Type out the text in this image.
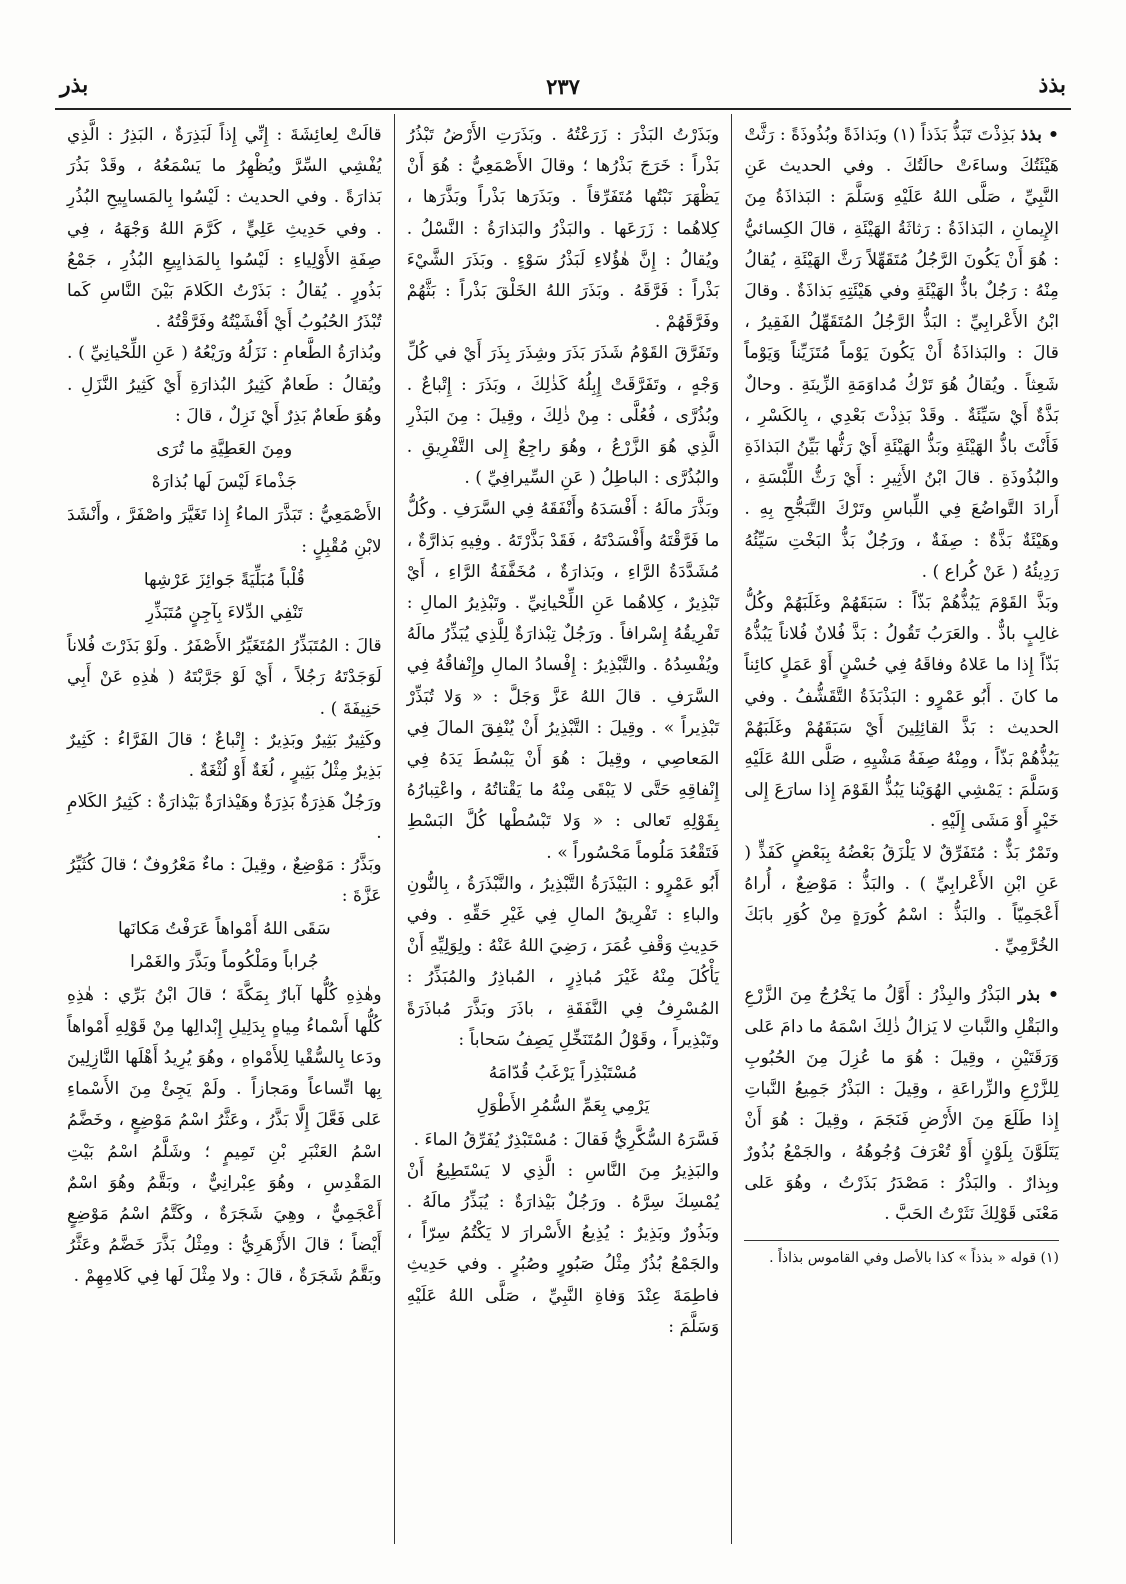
بذذ
٢٣٧
بذر

• بذذ بَذِذْتَ تَبَذُّ بَذَذاً (١) وبَذاذَةً وبُذُوذَةً : رَثَّتْ هَيْئَتُكَ وساءَتْ حالَتُكَ . وفي الحديث عَنِ النَّبِيِّ ، صَلَّى اللهُ عَلَيْهِ وَسَلَّمَ : البَذاذَةُ مِنَ الإِيمانِ ، البَذاذَةُ : رَثاثَةُ الهَيْئَةِ ، قالَ الكِسائيُّ : هُوَ أَنْ يَكُونَ الرَّجُلُ مُتَقَهِّلاً رَثَّ الهَيْئَةِ ، يُقالُ مِنْهُ : رَجُلٌ باذُّ الهَيْئَةِ وفي هَيْئَتِهِ بَذاذَةٌ . وقالَ ابْنُ الأَعْرابِيِّ : البَذُّ الرَّجُلُ المُتَقَهِّلُ الفَقِيرُ ، قالَ : والبَذاذَةُ أَنْ يَكُونَ يَوْماً مُتَزَيِّناً وَيَوْماً شَعِثاً . ويُقالُ هُوَ تَرْكُ مُداوَمَةِ الزِّينَةِ . وحالٌ بَذَّةٌ أَيْ سَيِّئَةٌ . وقَدْ بَذِذْتَ بَعْدِي ، بِالكَسْرِ ، فَأَنْتَ باذُّ الهَيْئَةِ وبَذُّ الهَيْئَةِ أَيْ رَثُّها بَيِّنُ البَذاذَةِ والبُذُوذَةِ . قالَ ابْنُ الأَثِيرِ : أَيْ رَثُّ اللِّبْسَةِ ، أَرادَ التَّواضُعَ فِي اللِّباسِ وتَرْكَ التَّبَجُّحِ بِهِ . وهَيْئَةٌ بَذَّةٌ : صِفَةٌ ، ورَجُلٌ بَذُّ البَخْتِ سَيِّئُهُ رَدِيئُهُ ( عَنْ كُراع ) .

وبَذَّ القَوْمَ يَبُذُّهُمْ بَذّاً : سَبَقَهُمْ وغَلَبَهُمْ وكُلُّ غالِبٍ باذٌّ . والعَرَبُ تَقُولُ : بَذَّ فُلانٌ فُلاناً يَبُذُّهُ بَذّاً إِذا ما عَلاهُ وفاقَهُ فِي حُسْنٍ أَوْ عَمَلٍ كائِناً ما كانَ . أَبُو عَمْرٍو : البَذْبَذَةُ التَّقَشُّفُ . وفي الحديث : بَذَّ القائِلِينَ أَيْ سَبَقَهُمْ وغَلَبَهُمْ يَبُذُّهُمْ بَذّاً ، ومِنْهُ صِفَةُ مَشْيِهِ ، صَلَّى اللهُ عَلَيْهِ وَسَلَّمَ : يَمْشِي الهُوَيْنا يَبُذُّ القَوْمَ إِذا سارَعَ إِلى خَيْرٍ أَوْ مَشَى إِلَيْهِ .

وتَمْرٌ بَذٌّ : مُتَفَرِّقٌ لا يَلْزَقُ بَعْضُهُ بِبَعْضٍ كَفَذٍّ ( عَنِ ابْنِ الأَعْرابِيِّ ) . والبَذُّ : مَوْضِعٌ ، أُراهُ أَعْجَمِيّاً . والبَذُّ : اسْمُ كُورَةٍ مِنْ كُوَرِ بابَكَ الخُرَّمِيِّ .

• بذر البَذْرُ والبِذْرُ : أَوَّلُ ما يَخْرُجُ مِنَ الزَّرْعِ والبَقْلِ والنَّباتِ لا يَزالُ ذٰلِكَ اسْمَهُ ما دامَ عَلى وَرَقَتَيْنِ ، وقِيلَ : هُوَ ما عُزِلَ مِنَ الحُبُوبِ لِلزَّرْعِ والزِّراعَةِ ، وقِيلَ : البَذْرُ جَمِيعُ النَّباتِ إِذا طَلَعَ مِنَ الأَرْضِ فَنَجَمَ ، وقِيلَ : هُوَ أَنْ يَتَلَوَّنَ بِلَوْنٍ أَوْ تُعْرَفَ وُجُوهُهُ ، والجَمْعُ بُذُورٌ وبِذارٌ . والبَذْرُ : مَصْدَرُ بَذَرْتُ ، وهُوَ عَلى مَعْنَى قَوْلِكَ نَثَرْتُ الحَبَّ .

(١) قوله « بذذاً » كذا بالأصل وفي القاموس بذاذاً .

وبَذَرْتُ البَذْرَ : زَرَعْتُهُ . وبَذَرَتِ الأَرْضُ تَبْذُرُ بَذْراً : خَرَجَ بَذْرُها ؛ وقالَ الأَصْمَعِيُّ : هُوَ أَنْ يَظْهَرَ نَبْتُها مُتَفَرِّقاً . وبَذَرَها بَذْراً وبَذَّرَها ، كِلاهُما : زَرَعَها . والبَذْرُ والبَذارَةُ : النَّسْلُ . ويُقالُ : إِنَّ هٰؤُلاءِ لَبَذْرُ سَوْءٍ . وبَذَرَ الشَّيْءَ بَذْراً : فَرَّقَهُ . وبَذَرَ اللهُ الخَلْقَ بَذْراً : بَثَّهُمْ وفَرَّقَهُمْ .

وتَفَرَّقَ القَوْمُ شَذَرَ بَذَرَ وشِذَرَ بِذَرَ أَيْ في كُلِّ وَجْهٍ ، وتَفَرَّقَتْ إِبِلُهُ كَذٰلِكَ ، وبَذَرَ : إِتْباعٌ . وبُذُرَّى ، فُعُلَّى : مِنْ ذٰلِكَ ، وقِيلَ : مِنَ البَذْرِ الَّذِي هُوَ الزَّرْعُ ، وهُوَ راجِعٌ إِلى التَّفْرِيقِ . والبُذُرَّى : الباطِلُ ( عَنِ السِّيرافِيِّ ) .

وبَذَّرَ مالَهُ : أَفْسَدَهُ وأَنْفَقَهُ فِي السَّرَفِ . وكُلُّ ما فَرَّقْتَهُ وأَفْسَدْتَهُ ، فَقَدْ بَذَّرْتَهُ . وفِيهِ بَذارَّةٌ ، مُشَدَّدَةُ الرَّاءِ ، وبَذارَةٌ ، مُخَفَّفَةُ الرَّاءِ ، أَيْ تَبْذِيرٌ ، كِلاهُما عَنِ اللِّحْيانِيِّ . وتَبْذِيرُ المالِ : تَفْرِيقُهُ إِسْرافاً . ورَجُلٌ تِبْذارَةٌ لِلَّذِي يُبَذِّرُ مالَهُ ويُفْسِدُهُ . والتَّبْذِيرُ : إِفْسادُ المالِ وإِنْفاقُهُ فِي السَّرَفِ . قالَ اللهُ عَزَّ وَجَلَّ : « وَلا تُبَذِّرْ تَبْذِيراً » . وقِيلَ : التَّبْذِيرُ أَنْ يُنْفِقَ المالَ فِي المَعاصِي ، وقِيلَ : هُوَ أَنْ يَبْسُطَ يَدَهُ فِي إِنْفاقِهِ حَتَّى لا يَبْقَى مِنْهُ ما يَقْتاتُهُ ، واعْتِبارُهُ بِقَوْلِهِ تَعالى : « وَلا تَبْسُطْها كُلَّ البَسْطِ فَتَقْعُدَ مَلُوماً مَحْسُوراً » .

أَبُو عَمْرٍو : البَيْذَرَةُ التَّبْذِيرُ ، والنَّبْذَرَةُ ، بِالنُّونِ والباءِ : تَفْرِيقُ المالِ فِي غَيْرِ حَقِّهِ . وفي حَدِيثِ وَقْفِ عُمَرَ ، رَضِيَ اللهُ عَنْهُ : ولِوَلِيِّهِ أَنْ يَأْكُلَ مِنْهُ غَيْرَ مُباذِرٍ ، المُباذِرُ والمُبَذِّرُ : المُسْرِفُ فِي النَّفَقَةِ ، باذَرَ وبَذَّرَ مُباذَرَةً وتَبْذِيراً ، وقَوْلُ المُتَنَخِّلِ يَصِفُ سَحاباً :

مُسْتَبْذِراً يَرْغَبُ قُدّامَهُ

يَرْمِي بِعَمِّ السُّمُرِ الأَطْوَلِ

فَسَّرَهُ السُّكَّرِيُّ فَقالَ : مُسْتَبْذِرٌ يُفَرِّقُ الماءَ .

والبَذِيرُ مِنَ النَّاسِ : الَّذِي لا يَسْتَطِيعُ أَنْ يُمْسِكَ سِرَّهُ . ورَجُلٌ بَيْذارَةٌ : يُبَذِّرُ مالَهُ . وبَذُورٌ وبَذِيرٌ : يُذِيعُ الأَسْرارَ لا يَكْتُمُ سِرّاً ، والجَمْعُ بُذُرٌ مِثْلُ صَبُورٍ وصُبُرٍ . وفي حَدِيثِ فاطِمَةَ عِنْدَ وَفاةِ النَّبِيِّ ، صَلَّى اللهُ عَلَيْهِ وَسَلَّمَ :

قالَتْ لِعائِشَةَ : إِنِّي إِذاً لَبَذِرَةٌ ، البَذِرُ : الَّذِي يُفْشِي السِّرَّ ويُظْهِرُ ما يَسْمَعُهُ ، وقَدْ بَذُرَ بَذارَةً . وفي الحديث : لَيْسُوا بِالمَسايِيحِ البُذُرِ . وفي حَدِيثِ عَلِيٍّ ، كَرَّمَ اللهُ وَجْهَهُ ، فِي صِفَةِ الأَوْلِياءِ : لَيْسُوا بِالمَذايِيعِ البُذُرِ ، جَمْعُ بَذُورٍ . يُقالُ : بَذَرْتُ الكَلامَ بَيْنَ النَّاسِ كَما تُبْذَرُ الحُبُوبُ أَيْ أَفْشَيْتُهُ وفَرَّقْتُهُ .

وبُذارَةُ الطَّعامِ : نَزَلُهُ ورَيْعُهُ ( عَنِ اللِّحْيانِيِّ ) . ويُقالُ : طَعامٌ كَثِيرُ البُذارَةِ أَيْ كَثِيرُ النَّزَلِ . وهُوَ طَعامٌ بَذِرٌ أَيْ نَزِلٌ ، قالَ :

ومِنَ العَطِيَّةِ ما تُرَى

جَذْماءَ لَيْسَ لَها بُذارَهْ

الأَصْمَعِيُّ : تَبَذَّرَ الماءُ إِذا تَغَيَّرَ واصْفَرَّ ، وأَنْشَدَ لابْنِ مُقْبِلٍ :

قُلْباً مُبَلِّيَةً جَوائِزَ عَرْشِها

تَنْفِي الدِّلاءَ بِآجِنٍ مُتَبَذِّرِ

قالَ : المُتَبَذِّرُ المُتَغَيِّرُ الأَصْفَرُ . ولَوْ بَذَرْتَ فُلاناً لَوَجَدْتَهُ رَجُلاً ، أَيْ لَوْ جَرَّبْتَهُ ( هٰذِهِ عَنْ أَبِي حَنِيفَةَ ) .

وكَثِيرٌ بَثِيرٌ وبَذِيرٌ : إِتْباعٌ ؛ قالَ الفَرَّاءُ : كَثِيرٌ بَذِيرٌ مِثْلُ بَثِيرٍ ، لُغَةٌ أَوْ لُثْغَةٌ .

ورَجُلٌ هَذِرَةٌ بَذِرَةٌ وهَيْذارَةٌ بَيْذارَةٌ : كَثِيرُ الكَلامِ .

وبَذَّرُ : مَوْضِعٌ ، وقِيلَ : ماءٌ مَعْرُوفٌ ؛ قالَ كُثَيِّرُ عَزَّةَ :

سَقَى اللهُ أَمْواهاً عَرَفْتُ مَكانَها

جُراباً ومَلْكُوماً وبَذَّرَ والغَمْرا

وهٰذِهِ كُلُّها آبارٌ بِمَكَّةَ ؛ قالَ ابْنُ بَرِّي : هٰذِهِ كُلُّها أَسْماءُ مِياهٍ بِدَلِيلِ إِبْدالِها مِنْ قَوْلِهِ أَمْواهاً ودَعا بِالسُّقْيا لِلأَمْواهِ ، وهُوَ يُرِيدُ أَهْلَها النَّازِلِينَ بِها اتِّساعاً ومَجازاً . ولَمْ يَجِئْ مِنَ الأَسْماءِ عَلى فَعَّلَ إِلَّا بَذَّرُ ، وعَثَّرُ اسْمُ مَوْضِعٍ ، وخَضَّمُ اسْمُ العَنْبَرِ بْنِ تَمِيمٍ ؛ وشَلَّمُ اسْمُ بَيْتِ المَقْدِسِ ، وهُوَ عِبْرانِيٌّ ، وبَقَّمُ وهُوَ اسْمٌ أَعْجَمِيٌّ ، وهِيَ شَجَرَةٌ ، وكَتَّمُ اسْمُ مَوْضِعٍ أَيْضاً ؛ قالَ الأَزْهَرِيُّ : ومِثْلُ بَذَّرَ خَضَّمُ وعَثَّرُ وبَقَّمُ شَجَرَةٌ ، قالَ : ولا مِثْلَ لَها فِي كَلامِهِمْ .
